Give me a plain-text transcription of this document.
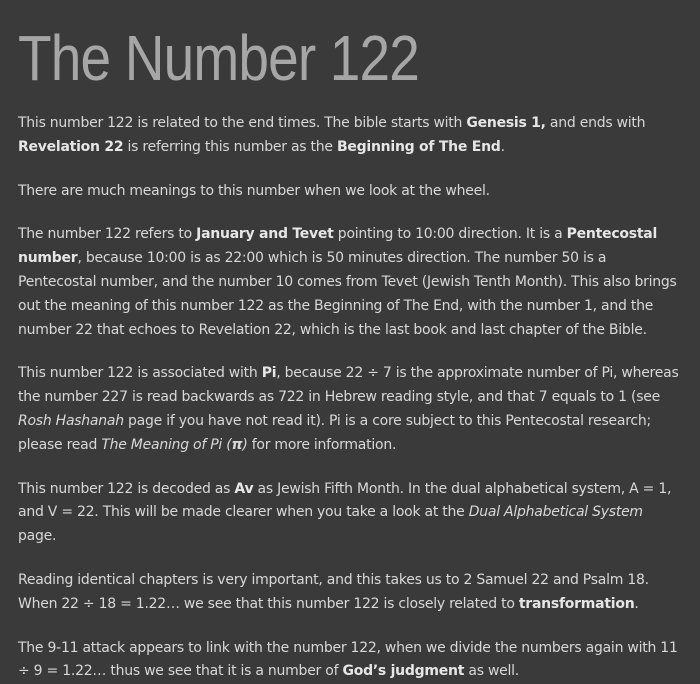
The Number 122

This number 122 is related to the end times. The bible starts with Genesis 1, and ends with Revelation 22 is referring this number as the Beginning of The End.

There are much meanings to this number when we look at the wheel.

The number 122 refers to January and Tevet pointing to 10:00 direction. It is a Pentecostal number, because 10:00 is as 22:00 which is 50 minutes direction. The number 50 is a Pentecostal number, and the number 10 comes from Tevet (Jewish Tenth Month). This also brings out the meaning of this number 122 as the Beginning of The End, with the number 1, and the number 22 that echoes to Revelation 22, which is the last book and last chapter of the Bible.

This number 122 is associated with Pi, because 22 ÷ 7 is the approximate number of Pi, whereas the number 227 is read backwards as 722 in Hebrew reading style, and that 7 equals to 1 (see Rosh Hashanah page if you have not read it). Pi is a core subject to this Pentecostal research; please read The Meaning of Pi (π) for more information.

This number 122 is decoded as Av as Jewish Fifth Month. In the dual alphabetical system, A = 1, and V = 22. This will be made clearer when you take a look at the Dual Alphabetical System page.

Reading identical chapters is very important, and this takes us to 2 Samuel 22 and Psalm 18. When 22 ÷ 18 = 1.22… we see that this number 122 is closely related to transformation.

The 9-11 attack appears to link with the number 122, when we divide the numbers again with 11 ÷ 9 = 1.22… thus we see that it is a number of God’s judgment as well.
